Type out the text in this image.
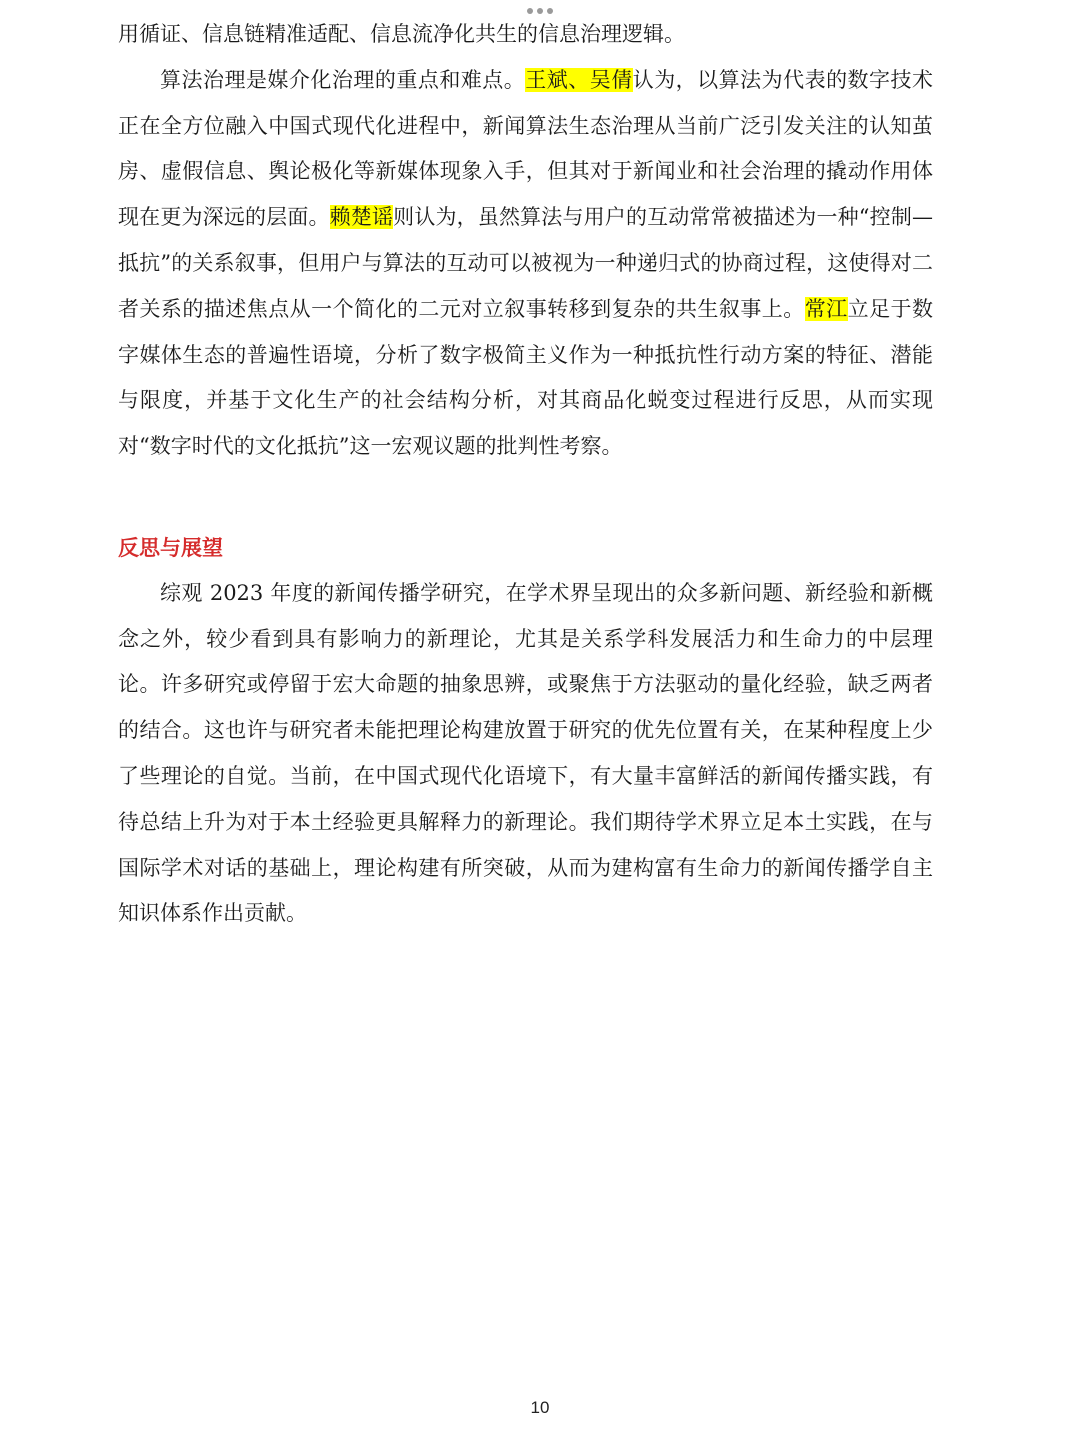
用循证、信息链精准适配、信息流净化共生的信息治理逻辑。

算法治理是媒介化治理的重点和难点。王斌、吴倩认为，以算法为代表的数字技术正在全方位融入中国式现代化进程中，新闻算法生态治理从当前广泛引发关注的认知茧房、虚假信息、舆论极化等新媒体现象入手，但其对于新闻业和社会治理的撬动作用体现在更为深远的层面。赖楚谣则认为，虽然算法与用户的互动常常被描述为一种“控制—抵抗”的关系叙事，但用户与算法的互动可以被视为一种递归式的协商过程，这使得对二者关系的描述焦点从一个简化的二元对立叙事转移到复杂的共生叙事上。常江立足于数字媒体生态的普遍性语境，分析了数字极简主义作为一种抵抗性行动方案的特征、潜能与限度，并基于文化生产的社会结构分析，对其商品化蜕变过程进行反思，从而实现对“数字时代的文化抵抗”这一宏观议题的批判性考察。

反思与展望

综观 2023 年度的新闻传播学研究，在学术界呈现出的众多新问题、新经验和新概念之外，较少看到具有影响力的新理论，尤其是关系学科发展活力和生命力的中层理论。许多研究或停留于宏大命题的抽象思辨，或聚焦于方法驱动的量化经验，缺乏两者的结合。这也许与研究者未能把理论构建放置于研究的优先位置有关，在某种程度上少了些理论的自觉。当前，在中国式现代化语境下，有大量丰富鲜活的新闻传播实践，有待总结上升为对于本土经验更具解释力的新理论。我们期待学术界立足本土实践，在与国际学术对话的基础上，理论构建有所突破，从而为建构富有生命力的新闻传播学自主知识体系作出贡献。

10
